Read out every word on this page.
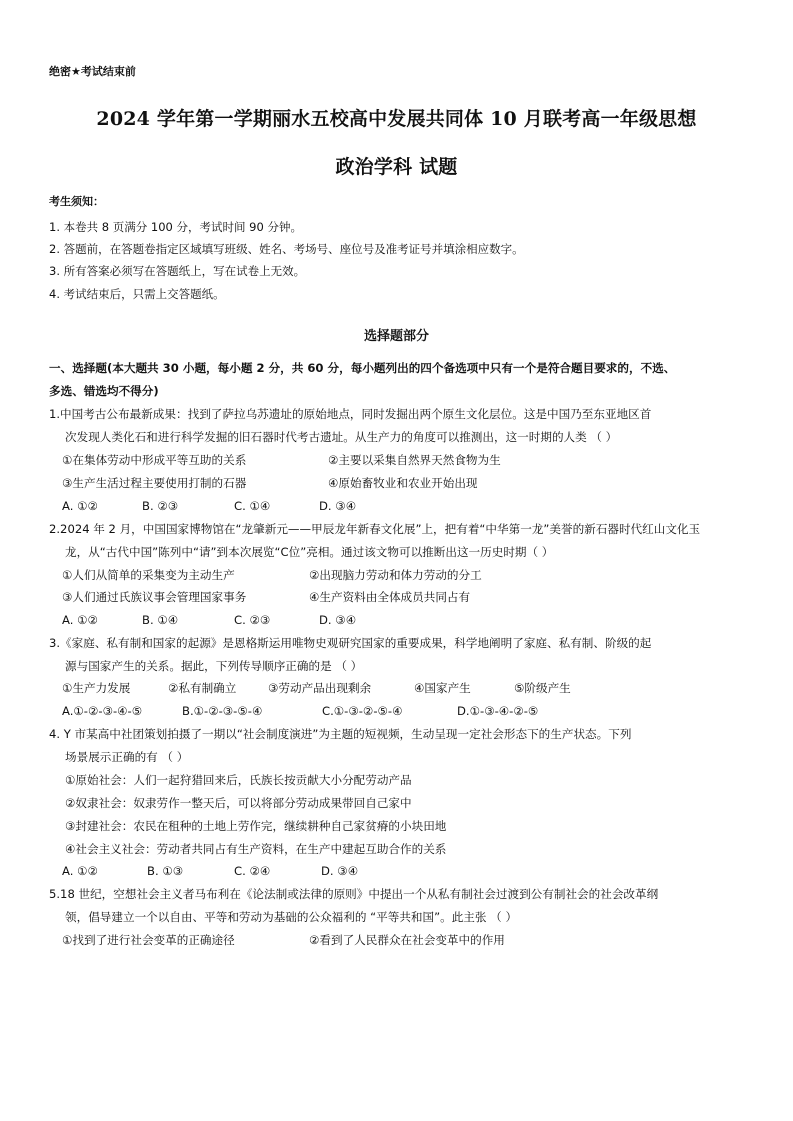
绝密★考试结束前
2024 学年第一学期丽水五校高中发展共同体 10 月联考高一年级思想
政治学科 试题
考生须知：
1. 本卷共 8 页满分 100 分，考试时间 90 分钟。
2. 答题前，在答题卷指定区域填写班级、姓名、考场号、座位号及准考证号并填涂相应数字。
3. 所有答案必须写在答题纸上，写在试卷上无效。
4. 考试结束后，只需上交答题纸。
选择题部分
一、选择题(本大题共 30 小题，每小题 2 分，共 60 分，每小题列出的四个备选项中只有一个是符合题目要求的，不选、
多选、错选均不得分)
1.中国考古公布最新成果：找到了萨拉乌苏遗址的原始地点，同时发掘出两个原生文化层位。这是中国乃至东亚地区首
次发现人类化石和进行科学发掘的旧石器时代考古遗址。从生产力的角度可以推测出，这一时期的人类 （ ）
①在集体劳动中形成平等互助的关系	②主要以采集自然界天然食物为生
③生产生活过程主要使用打制的石器	④原始畜牧业和农业开始出现
A. ①②	B. ②③	C. ①④	D. ③④
2.2024 年 2 月，中国国家博物馆在“龙肇新元——甲辰龙年新春文化展”上，把有着“中华第一龙”美誉的新石器时代红山文化玉
龙，从“古代中国”陈列中“请”到本次展览“C位”亮相。通过该文物可以推断出这一历史时期（ ）
①人们从简单的采集变为主动生产	②出现脑力劳动和体力劳动的分工
③人们通过氏族议事会管理国家事务	④生产资料由全体成员共同占有
A. ①②	B. ①④	C. ②③	D. ③④
3.《家庭、私有制和国家的起源》是恩格斯运用唯物史观研究国家的重要成果，科学地阐明了家庭、私有制、阶级的起
源与国家产生的关系。据此，下列传导顺序正确的是 （ ）
①生产力发展	②私有制确立	③劳动产品出现剩余	④国家产生	⑤阶级产生
A.①-②-③-④-⑤	B.①-②-③-⑤-④	C.①-③-②-⑤-④	D.①-③-④-②-⑤
4. Y 市某高中社团策划拍摄了一期以“社会制度演进”为主题的短视频，生动呈现一定社会形态下的生产状态。下列
场景展示正确的有 （ ）
①原始社会：人们一起狩猎回来后，氏族长按贡献大小分配劳动产品
②奴隶社会：奴隶劳作一整天后，可以将部分劳动成果带回自己家中
③封建社会：农民在租种的土地上劳作完，继续耕种自己家贫瘠的小块田地
④社会主义社会：劳动者共同占有生产资料，在生产中建起互助合作的关系
A. ①②	B. ①③	C. ②④	D. ③④
5.18 世纪，空想社会主义者马布利在《论法制或法律的原则》中提出一个从私有制社会过渡到公有制社会的社会改革纲
领，倡导建立一个以自由、平等和劳动为基础的公众福利的 “平等共和国”。此主张 （ ）
①找到了进行社会变革的正确途径	②看到了人民群众在社会变革中的作用
